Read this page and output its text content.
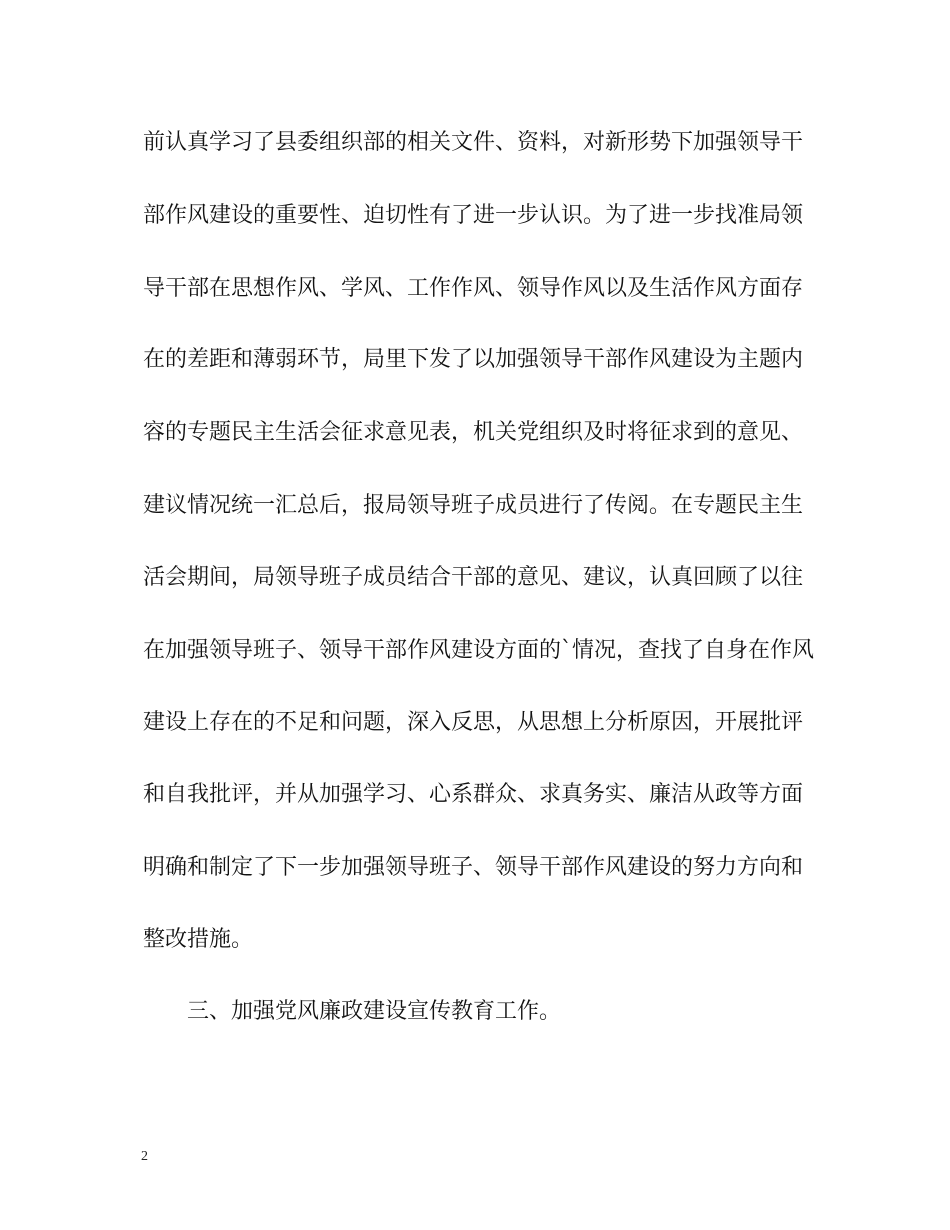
前认真学习了县委组织部的相关文件、资料，对新形势下加强领导干

部作风建设的重要性、迫切性有了进一步认识。为了进一步找准局领

导干部在思想作风、学风、工作作风、领导作风以及生活作风方面存

在的差距和薄弱环节，局里下发了以加强领导干部作风建设为主题内

容的专题民主生活会征求意见表，机关党组织及时将征求到的意见、

建议情况统一汇总后，报局领导班子成员进行了传阅。在专题民主生

活会期间，局领导班子成员结合干部的意见、建议，认真回顾了以往

在加强领导班子、领导干部作风建设方面的`情况，查找了自身在作风

建设上存在的不足和问题，深入反思，从思想上分析原因，开展批评

和自我批评，并从加强学习、心系群众、求真务实、廉洁从政等方面

明确和制定了下一步加强领导班子、领导干部作风建设的努力方向和

整改措施。

三、加强党风廉政建设宣传教育工作。

2
